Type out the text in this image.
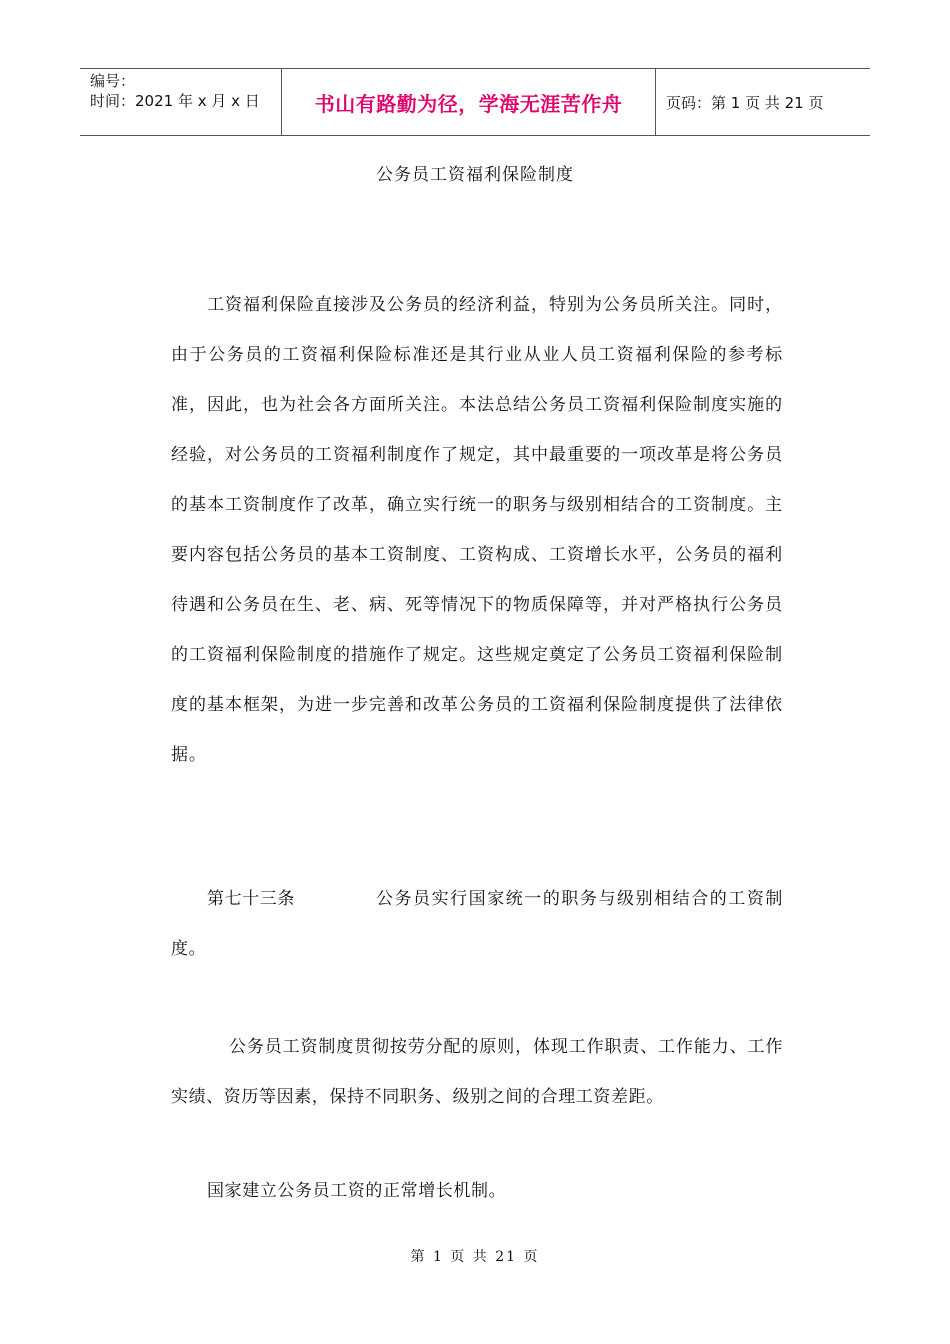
编号：
时间：2021 年 x 月 x 日	书山有路勤为径，学海无涯苦作舟	页码：第 1 页 共 21 页
公务员工资福利保险制度

工资福利保险直接涉及公务员的经济利益，特别为公务员所关注。同时，由于公务员的工资福利保险标准还是其行业从业人员工资福利保险的参考标准，因此，也为社会各方面所关注。本法总结公务员工资福利保险制度实施的经验，对公务员的工资福利制度作了规定，其中最重要的一项改革是将公务员的基本工资制度作了改革，确立实行统一的职务与级别相结合的工资制度。主要内容包括公务员的基本工资制度、工资构成、工资增长水平，公务员的福利待遇和公务员在生、老、病、死等情况下的物质保障等，并对严格执行公务员的工资福利保险制度的措施作了规定。这些规定奠定了公务员工资福利保险制度的基本框架，为进一步完善和改革公务员的工资福利保险制度提供了法律依据。

第七十三条	公务员实行国家统一的职务与级别相结合的工资制度。

公务员工资制度贯彻按劳分配的原则，体现工作职责、工作能力、工作实绩、资历等因素，保持不同职务、级别之间的合理工资差距。

国家建立公务员工资的正常增长机制。

第 1 页 共 21 页
